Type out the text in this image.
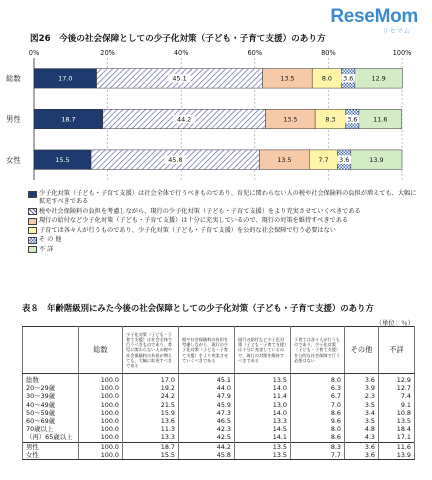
ReseMom
リセマム
図26　今後の社会保障としての少子化対策（子ども・子育て支援）のあり方
0%	20%	40%	60%	80%	100%
総数
男性
女性
17.0	45.1	13.5	8.0 3.6	12.9
18.7	44.2	13.5	8.3 3.6 11.6
15.5	45.8	13.5	7.7 3.6	13.9
少子化対策（子ども・子育て支援）は社会全体で行うべきものであり、育児に関わらない人の税や社会保険料の負担が増えても、大幅に拡充すべきである
税や社会保険料の負担を考慮しながら、現行の少子化対策（子ども・子育て支援）をより充実させていくべきである
現行の給付など少子化対策（子ども・子育て支援）は十分に充実しているので、現行の対策を維持すべきである
子育ては各々人が行うものであり、少子化対策（子ども・子育て支援）を公的な社会保障で行う必要はない
そ の 他
不 詳
表８　年齢階級別にみた今後の社会保障としての少子化対策（子ども・子育て支援）のあり方
（単位：％）
	総数	少子化対策（子ども・子育て支援）は社会全体で行うべきものであり、育児に関わらない人の税や社会保険料の負担が増えても、大幅に拡充すべきである	税や社会保険料の負担を考慮しながら、現行の少子化対策（子ども・子育て支援）をより充実させていくべきである	現行の給付など少子化対策（子ども・子育て支援）は十分に充実しているので、現行の対策を維持すべきである	子育ては各々人が行うものであり、少子化対策（子ども・子育て支援）を公的な社会保障で行う必要はない	その他	不詳
総数	100.0	17.0	45.1	13.5	8.0	3.6	12.9
20～29歳	100.0	19.2	44.0	14.0	6.3	3.9	12.7
30～39歳	100.0	24.2	47.9	11.4	6.7	2.3	7.4
40～49歳	100.0	21.5	45.9	13.0	7.0	3.5	9.1
50～59歳	100.0	15.9	47.3	14.0	8.6	3.4	10.8
60～69歳	100.0	13.6	46.5	13.3	9.6	3.5	13.5
70歳以上	100.0	11.3	42.3	14.5	8.0	4.8	18.4
（再）65歳以上	100.0	13.3	42.5	14.1	8.6	4.3	17.1
男性	100.0	18.7	44.2	13.5	8.3	3.6	11.6
女性	100.0	15.5	45.8	13.5	7.7	3.6	13.9
